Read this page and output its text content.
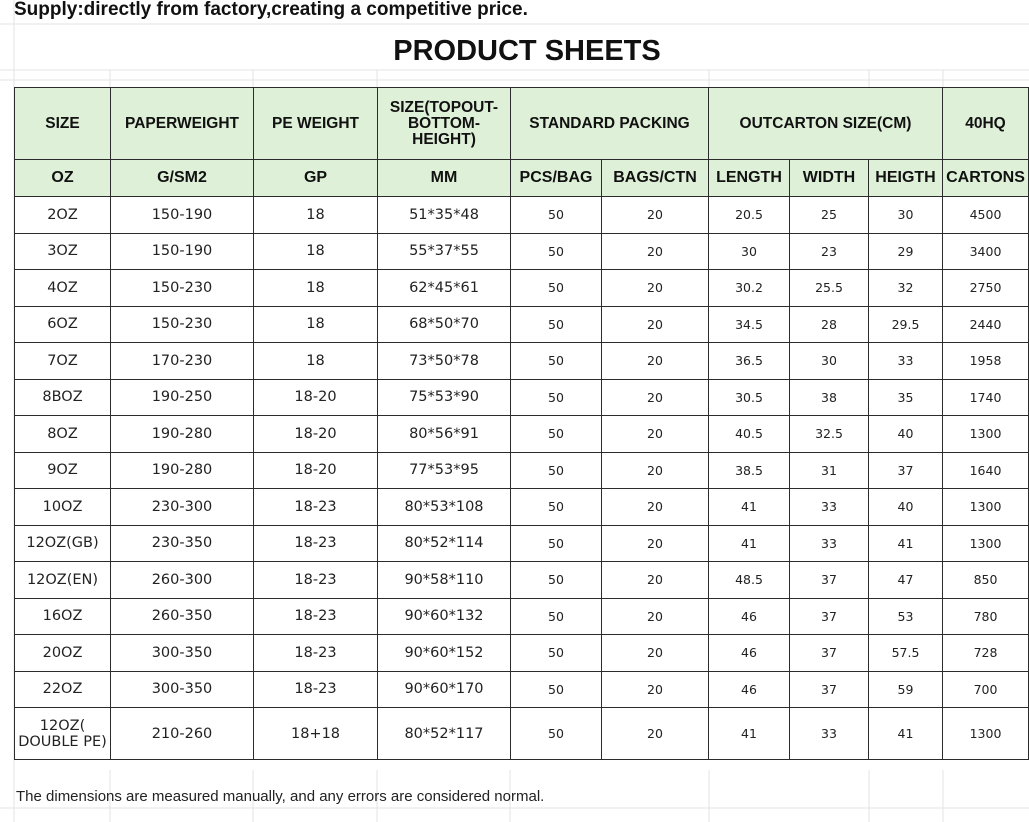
Supply:directly from factory,creating a competitive price.
PRODUCT SHEETS
SIZE	PAPERWEIGHT	PE WEIGHT	SIZE(TOPOUT-BOTTOM-HEIGHT)	STANDARD PACKING		OUTCARTON SIZE(CM)			40HQ
OZ	G/SM2	GP	MM	PCS/BAG	BAGS/CTN	LENGTH	WIDTH	HEIGTH	CARTONS
2OZ	150-190	18	51*35*48	50	20	20.5	25	30	4500
3OZ	150-190	18	55*37*55	50	20	30	23	29	3400
4OZ	150-230	18	62*45*61	50	20	30.2	25.5	32	2750
6OZ	150-230	18	68*50*70	50	20	34.5	28	29.5	2440
7OZ	170-230	18	73*50*78	50	20	36.5	30	33	1958
8BOZ	190-250	18-20	75*53*90	50	20	30.5	38	35	1740
8OZ	190-280	18-20	80*56*91	50	20	40.5	32.5	40	1300
9OZ	190-280	18-20	77*53*95	50	20	38.5	31	37	1640
10OZ	230-300	18-23	80*53*108	50	20	41	33	40	1300
12OZ(GB)	230-350	18-23	80*52*114	50	20	41	33	41	1300
12OZ(EN)	260-300	18-23	90*58*110	50	20	48.5	37	47	850
16OZ	260-350	18-23	90*60*132	50	20	46	37	53	780
20OZ	300-350	18-23	90*60*152	50	20	46	37	57.5	728
22OZ	300-350	18-23	90*60*170	50	20	46	37	59	700

12OZ( DOUBLE PE)	210-260	18+18	80*52*117	50	20	41	33	41	1300
The dimensions are measured manually, and any errors are considered normal.
